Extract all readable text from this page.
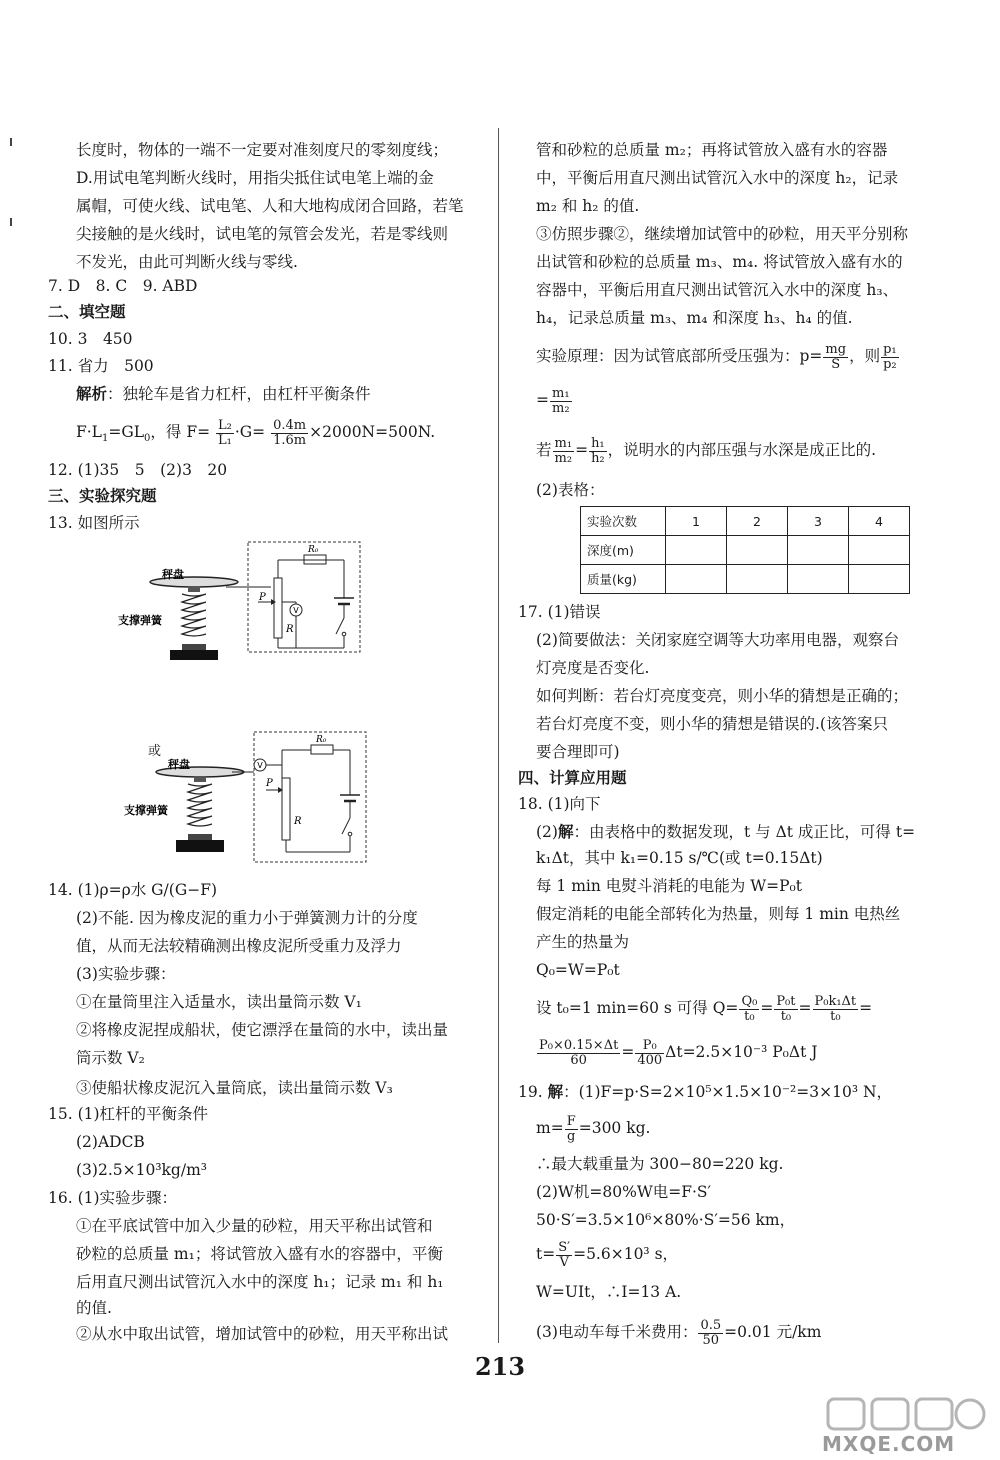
长度时，物体的一端不一定要对准刻度尺的零刻度线；
D.用试电笔判断火线时，用指尖抵住试电笔上端的金
属帽，可使火线、试电笔、人和大地构成闭合回路，若笔
尖接触的是火线时，试电笔的氖管会发光，若是零线则
不发光，由此可判断火线与零线.
7. D　8. C　9. ABD
二、填空题
10. 3　450
11. 省力　500
解析：独轮车是省力杠杆，由杠杆平衡条件
$F\cdot L_1=GL_0$，得 $F= \frac{\text{L₂}}{\text{L₁}} \cdot G= \frac{0.4m}{1.6m} \times 2000N=500N$.
12. (1)35　5　(2)3　20
三、实验探究题
13. 如图所示
V
秤盘
支撑弹簧
R₀
P
R
或
V
秤盘
支撑弹簧
R₀
P
R
14. (1)ρ=ρ水 G/(G−F)
(2)不能. 因为橡皮泥的重力小于弹簧测力计的分度
值，从而无法较精确测出橡皮泥所受重力及浮力
(3)实验步骤：
①在量筒里注入适量水，读出量筒示数 V₁
②将橡皮泥捏成船状，使它漂浮在量筒的水中，读出量
筒示数 V₂
③使船状橡皮泥沉入量筒底，读出量筒示数 V₃
15. (1)杠杆的平衡条件
(2)ADCB
(3)2.5×10³kg/m³
16. (1)实验步骤：
①在平底试管中加入少量的砂粒，用天平称出试管和
砂粒的总质量 m₁；将试管放入盛有水的容器中，平衡
后用直尺测出试管沉入水中的深度 h₁；记录 m₁ 和 h₁
的值.
②从水中取出试管，增加试管中的砂粒，用天平称出试
管和砂粒的总质量 m₂；再将试管放入盛有水的容器
中，平衡后用直尺测出试管沉入水中的深度 h₂，记录
m₂ 和 h₂ 的值.
③仿照步骤②，继续增加试管中的砂粒，用天平分别称
出试管和砂粒的总质量 m₃、m₄. 将试管放入盛有水的
容器中，平衡后用直尺测出试管沉入水中的深度 h₃、
h₄，记录总质量 m₃、m₄ 和深度 h₃、h₄ 的值.
实验原理：因为试管底部所受压强为：$p= \frac{mg}{S}$ ，则 $\frac{\text{p₁}}{\text{p₂}}$
= $\frac{\text{m₁}}{\text{m₂}}$
若 $\frac{\text{m₁}}{\text{m₂}} = \frac{\text{h₁}}{\text{h₂}}$ ，说明水的内部压强与水深是成正比的.
(2)表格：
实验次数	1	2	3	4
深度(m)				
质量(kg)				
17. (1)错误
(2)简要做法：关闭家庭空调等大功率用电器，观察台
灯亮度是否变化.
如何判断：若台灯亮度变亮，则小华的猜想是正确的；
若台灯亮度不变，则小华的猜想是错误的.(该答案只
要合理即可)
四、计算应用题
18. (1)向下
(2)解：由表格中的数据发现，t 与 Δt 成正比，可得 t=
k₁Δt，其中 k₁=0.15 s/℃(或 t=0.15Δt)
每 1 min 电熨斗消耗的电能为 W=P₀t
假定消耗的电能全部转化为热量，则每 1 min 电热丝
产生的热量为
Q₀=W=P₀t
设 t₀=1 min=60 s 可得 $Q= \frac{\text{Q₀}}{\text{t₀}} = \frac{\text{P₀t}}{\text{t₀}} = \frac{\text{P₀k₁Δt}}{\text{t₀}}$ =
$\frac{\text{P₀×0.15×Δt}}{60} = \frac{\text{P₀}}{400} \Delta t=2.5\times 10^{-3}$ P₀Δt J
19. 解：(1)F=p·S=2×10⁵×1.5×10⁻²=3×10³ N，
$m= \frac{F}{g} =300$ kg.
∴最大载重量为 300−80=220 kg.
(2)W机=80%W电=F·S′
50·S′=3.5×10⁶×80%·S′=56 km，
$t= \frac{S'}{V} =5.6\times 10^3$ s，
W=UIt，∴I=13 A.
(3)电动车每千米费用： $\frac{0.5}{50} =0.01$ 元/km
213
MXQE.COM
